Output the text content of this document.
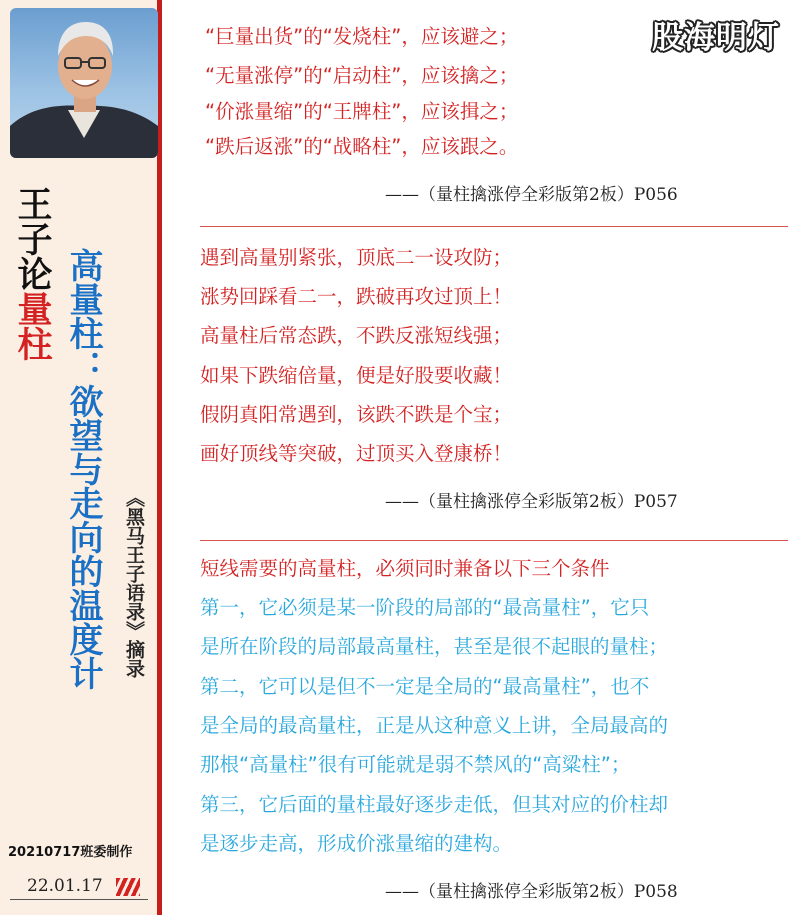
王子论量柱 高量柱：欲望与走向的温度计 《黑马王子语录》摘录
20210717班委制作
22.01.17
股海明灯
“巨量出货”的“发烧柱”，应该避之；
“无量涨停”的“启动柱”，应该擒之；
“价涨量缩”的“王牌柱”，应该揖之；
“跌后返涨”的“战略柱”，应该跟之。
——（量柱擒涨停全彩版第2板）P056
遇到高量别紧张，顶底二一设攻防；
涨势回踩看二一，跌破再攻过顶上！
高量柱后常态跌，不跌反涨短线强；
如果下跌缩倍量，便是好股要收藏！
假阴真阳常遇到，该跌不跌是个宝；
画好顶线等突破，过顶买入登康桥！
——（量柱擒涨停全彩版第2板）P057
短线需要的高量柱，必须同时兼备以下三个条件
第一，它必须是某一阶段的局部的“最高量柱”，它只
是所在阶段的局部最高量柱，甚至是很不起眼的量柱；
第二，它可以是但不一定是全局的“最高量柱”，也不
是全局的最高量柱，正是从这种意义上讲，全局最高的
那根“高量柱”很有可能就是弱不禁风的“高粱柱”；
第三，它后面的量柱最好逐步走低，但其对应的价柱却
是逐步走高，形成价涨量缩的建构。
——（量柱擒涨停全彩版第2板）P058
